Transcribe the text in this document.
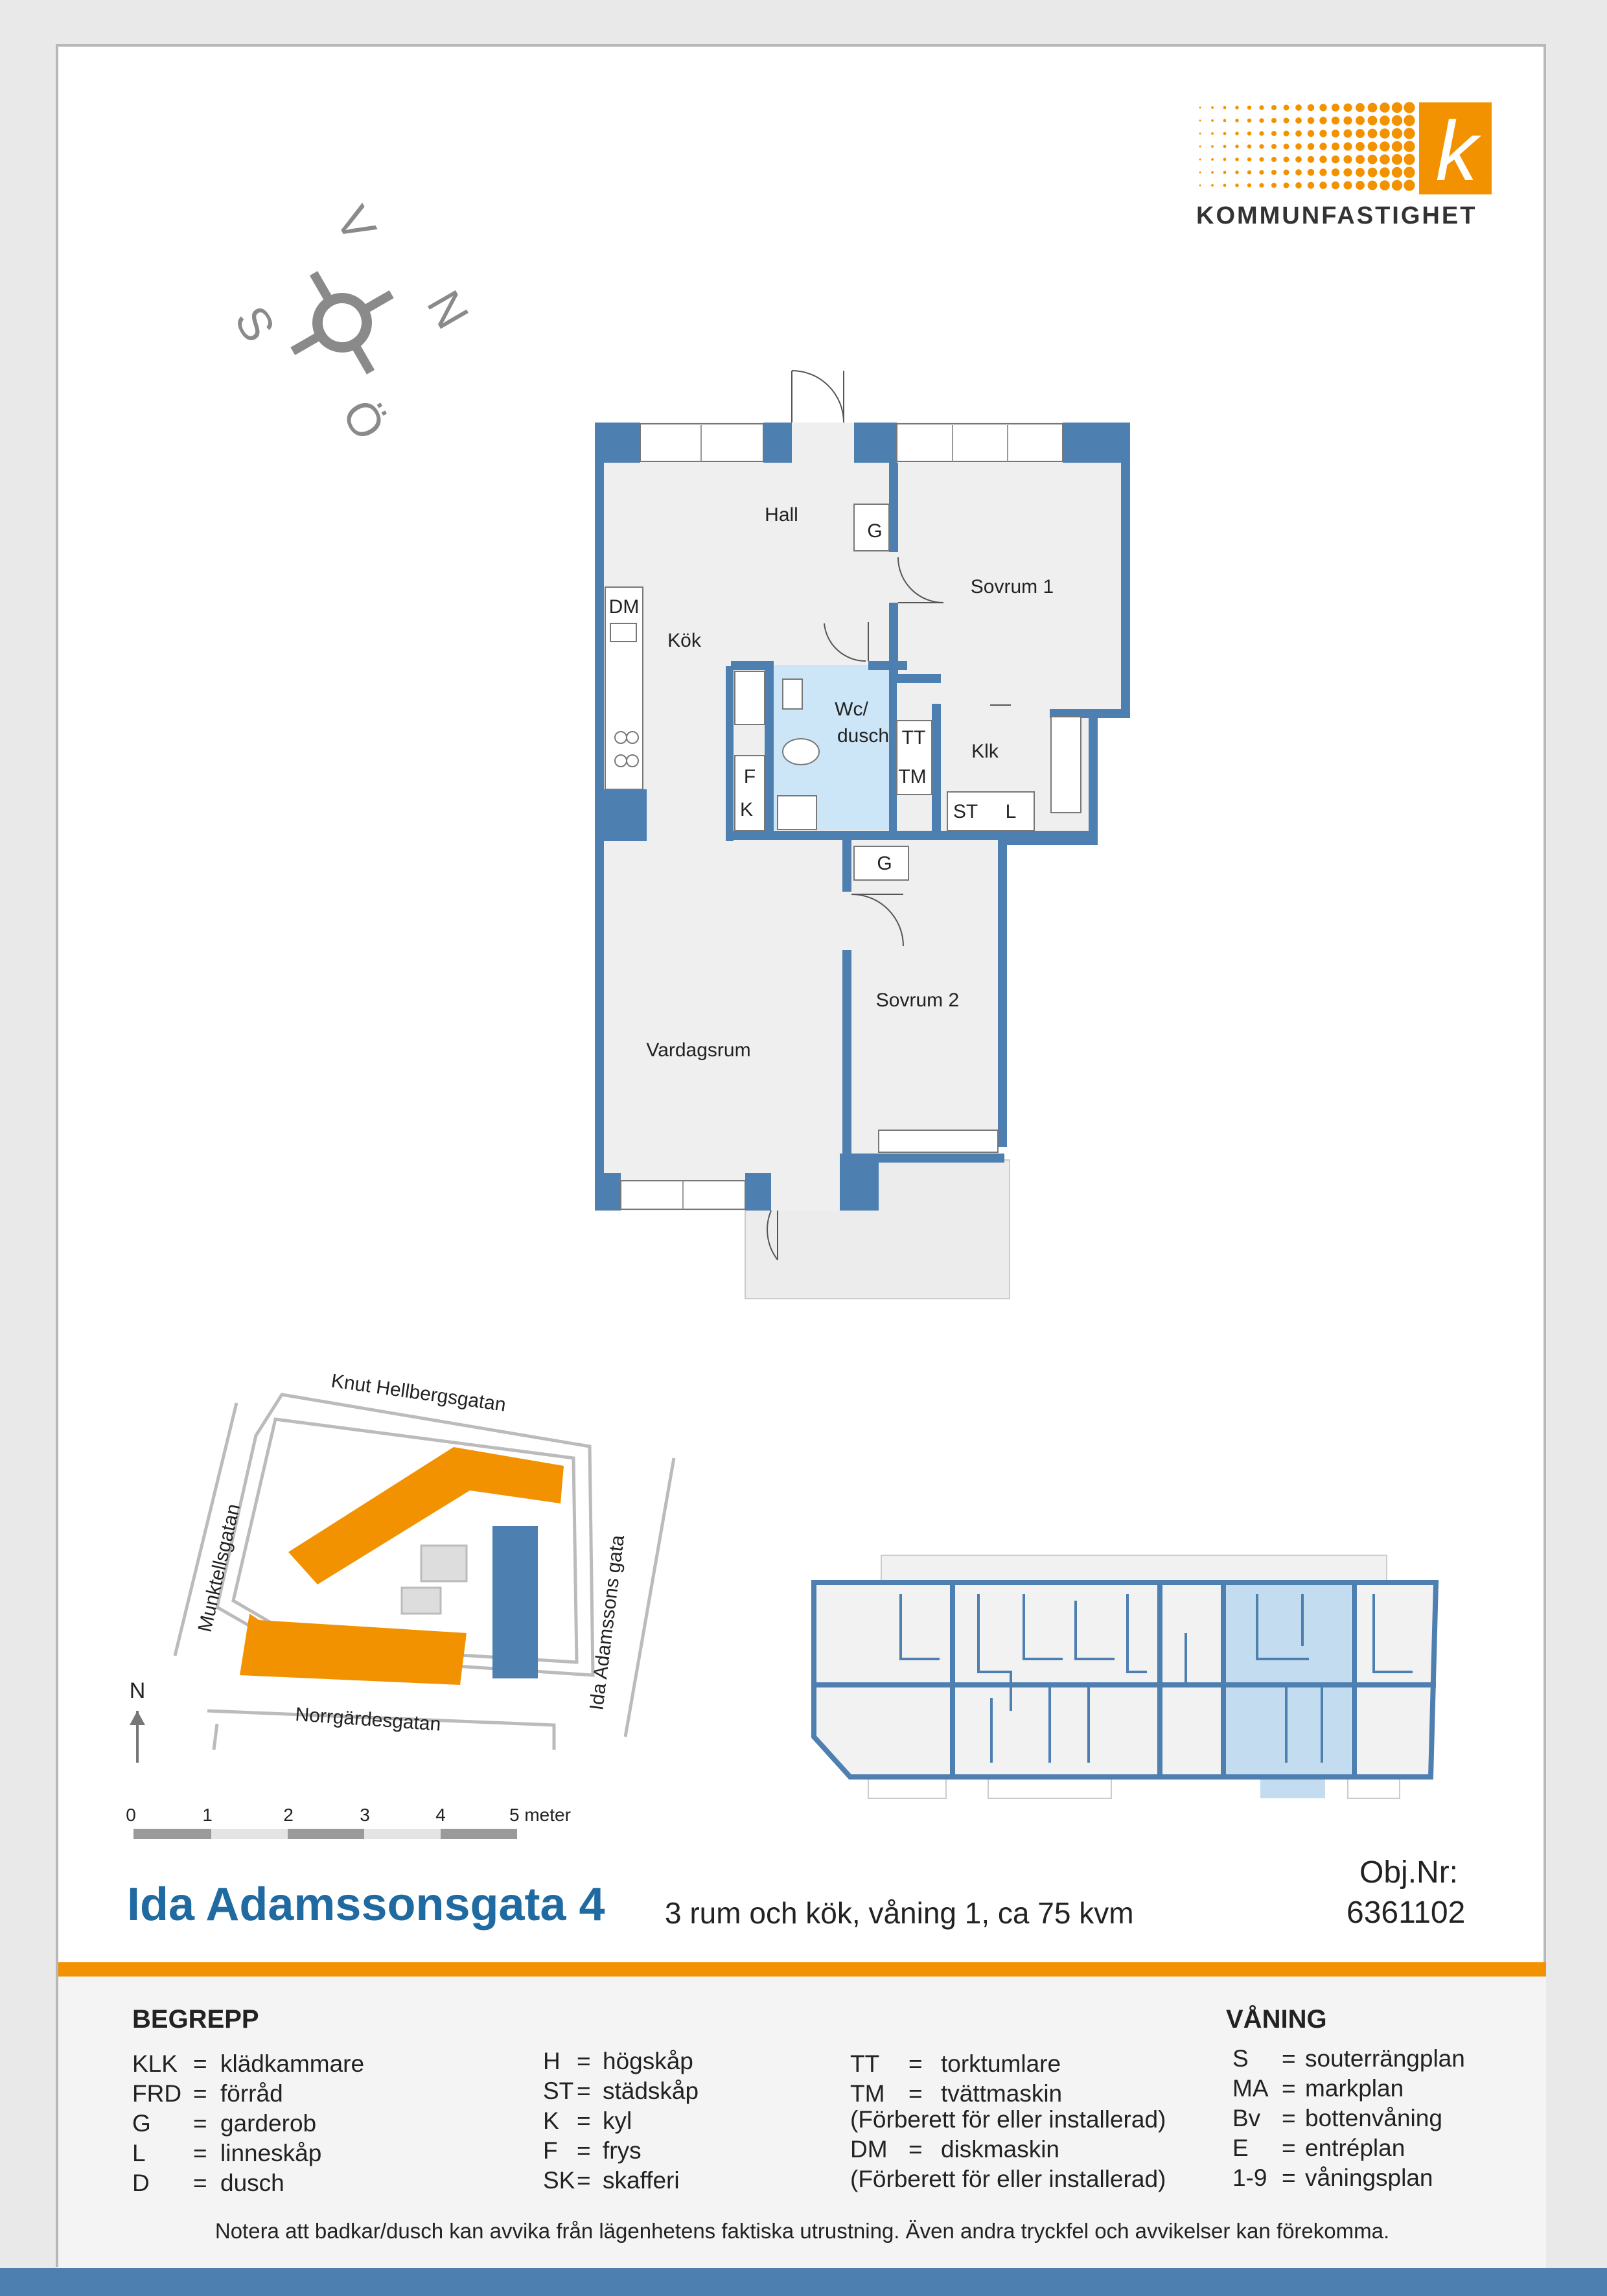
k
KOMMUNFASTIGHET
V
N
S
Ö
Hall
Kök
Sovrum 1
Wc/
dusch
Klk
Sovrum 2
Vardagsrum
G
DM
TT
TM
F
K	ST L
G
Knut Hellbergsgatan
Munktellsgatan	Ida Adamssons gata
Norrgärdesgatan
N
0	1	2	3	4	5 meter
Ida Adamssonsgata 4 3 rum och kök, våning 1, ca 75 kvm
Obj.Nr:
6361102
BEGREPP	VÅNING
KLK = klädkammare
FRD = förråd
G = garderob
L = linneskåp
D = dusch
H = högskåp
ST = städskåp
K = kyl
F = frys
SK = skafferi
TT = torktumlare
TM = tvättmaskin
(Förberett för eller installerad)
DM = diskmaskin
(Förberett för eller installerad)
S = souterrängplan
MA = markplan
Bv = bottenvåning
E = entréplan
1-9 = våningsplan
Notera att badkar/dusch kan avvika från lägenhetens faktiska utrustning. Även andra tryckfel och avvikelser kan förekomma.
